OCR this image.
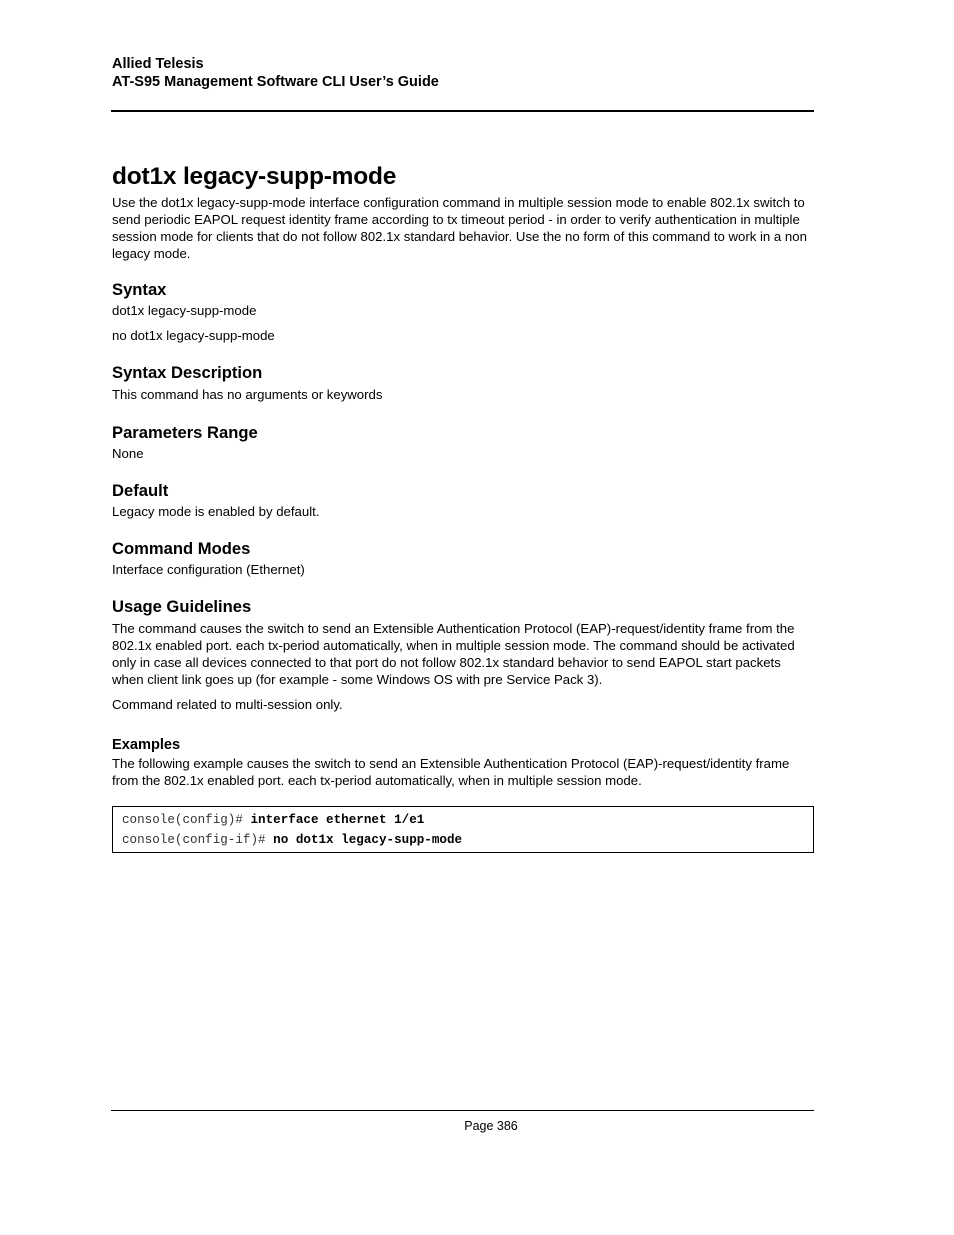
Allied Telesis
AT-S95 Management Software CLI User’s Guide
dot1x legacy-supp-mode

Use the dot1x legacy-supp-mode interface configuration command in multiple session mode to enable 802.1x switch to send periodic EAPOL request identity frame according to tx timeout period - in order to verify authentication in multiple session mode for clients that do not follow 802.1x standard behavior. Use the no form of this command to work in a non legacy mode.

Syntax

dot1x legacy-supp-mode

no dot1x legacy-supp-mode

Syntax Description

This command has no arguments or keywords

Parameters Range

None

Default

Legacy mode is enabled by default.

Command Modes

Interface configuration (Ethernet)

Usage Guidelines

The command causes the switch to send an Extensible Authentication Protocol (EAP)-request/identity frame from the 802.1x enabled port. each tx-period automatically, when in multiple session mode. The command should be activated only in case all devices connected to that port do not follow 802.1x standard behavior to send EAPOL start packets when client link goes up (for example - some Windows OS with pre Service Pack 3).

Command related to multi-session only.

Examples

The following example causes the switch to send an Extensible Authentication Protocol (EAP)-request/identity frame from the 802.1x enabled port. each tx-period automatically, when in multiple session mode.

console(config)# interface ethernet 1/e1
console(config-if)# no dot1x legacy-supp-mode
Page 386
